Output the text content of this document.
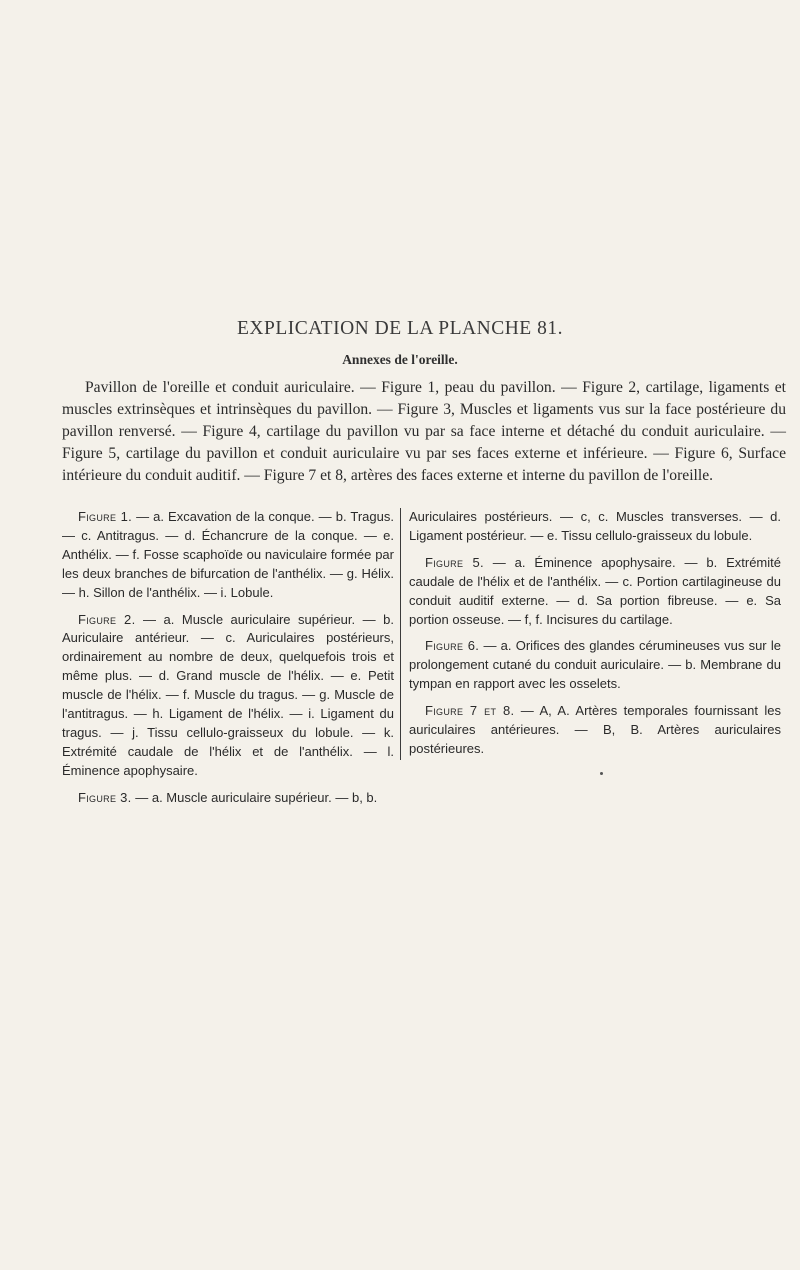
EXPLICATION DE LA PLANCHE 81.
Annexes de l'oreille.

Pavillon de l'oreille et conduit auriculaire. — Figure 1, peau du pavillon. — Figure 2, cartilage, ligaments et muscles extrinsèques et intrinsèques du pavillon. — Figure 3, Muscles et ligaments vus sur la face postérieure du pavillon renversé. — Figure 4, cartilage du pavillon vu par sa face interne et détaché du conduit auriculaire. — Figure 5, cartilage du pavillon et conduit auriculaire vu par ses faces externe et inférieure. — Figure 6, Surface intérieure du conduit auditif. — Figure 7 et 8, artères des faces externe et interne du pavillon de l'oreille.

Figure 1. — a. Excavation de la conque. — b. Tragus. — c. Antitragus. — d. Échancrure de la conque. — e. Anthélix. — f. Fosse scaphoïde ou naviculaire formée par les deux branches de bifurcation de l'anthélix. — g. Hélix. — h. Sillon de l'anthélix. — i. Lobule.

Figure 2. — a. Muscle auriculaire supérieur. — b. Auriculaire antérieur. — c. Auriculaires postérieurs, ordinairement au nombre de deux, quelquefois trois et même plus. — d. Grand muscle de l'hélix. — e. Petit muscle de l'hélix. — f. Muscle du tragus. — g. Muscle de l'antitragus. — h. Ligament de l'hélix. — i. Ligament du tragus. — j. Tissu cellulo-graisseux du lobule. — k. Extrémité caudale de l'hélix et de l'anthélix. — l. Éminence apophysaire.

Figure 3. — a. Muscle auriculaire supérieur. — b, b.

Auriculaires postérieurs. — c, c. Muscles transverses. — d. Ligament postérieur. — e. Tissu cellulo-graisseux du lobule.

Figure 5. — a. Éminence apophysaire. — b. Extrémité caudale de l'hélix et de l'anthélix. — c. Portion cartilagineuse du conduit auditif externe. — d. Sa portion fibreuse. — e. Sa portion osseuse. — f, f. Incisures du cartilage.

Figure 6. — a. Orifices des glandes cérumineuses vus sur le prolongement cutané du conduit auriculaire. — b. Membrane du tympan en rapport avec les osselets.

Figure 7 et 8. — A, A. Artères temporales fournissant les auriculaires antérieures. — B, B. Artères auriculaires postérieures.
